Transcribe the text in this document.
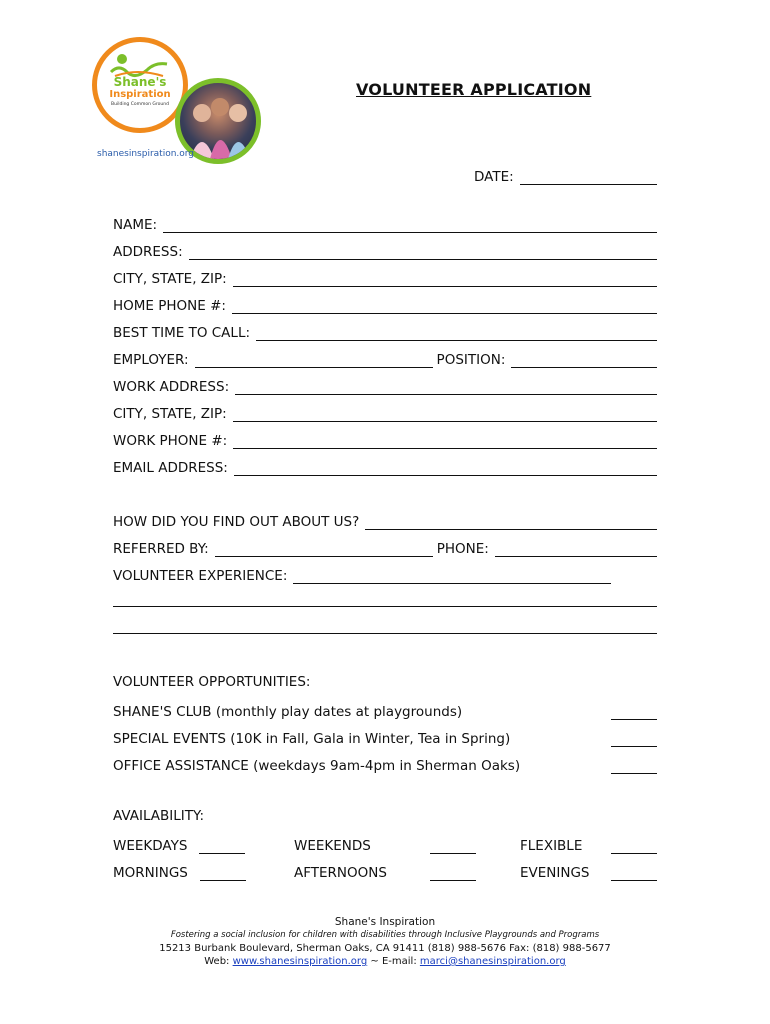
Shane's
Inspiration
Building Common Ground
shanesinspiration.org
VOLUNTEER APPLICATION
DATE:
NAME:
ADDRESS:
CITY, STATE, ZIP:
HOME PHONE #:
BEST TIME TO CALL:
EMPLOYER:	POSITION:
WORK ADDRESS:
CITY, STATE, ZIP:
WORK PHONE #:
EMAIL ADDRESS:
HOW DID YOU FIND OUT ABOUT US?
REFERRED BY:	PHONE:
VOLUNTEER EXPERIENCE:
VOLUNTEER OPPORTUNITIES:
SHANE'S CLUB (monthly play dates at playgrounds)
SPECIAL EVENTS (10K in Fall, Gala in Winter, Tea in Spring)
OFFICE ASSISTANCE (weekdays 9am-4pm in Sherman Oaks)
AVAILABILITY:
WEEKDAYS	WEEKENDS	FLEXIBLE
MORNINGS	AFTERNOONS	EVENINGS
Shane's Inspiration
Fostering a social inclusion for children with disabilities through Inclusive Playgrounds and Programs
15213 Burbank Boulevard, Sherman Oaks, CA 91411 (818) 988-5676 Fax: (818) 988-5677
Web: www.shanesinspiration.org ~ E-mail: marci@shanesinspiration.org
